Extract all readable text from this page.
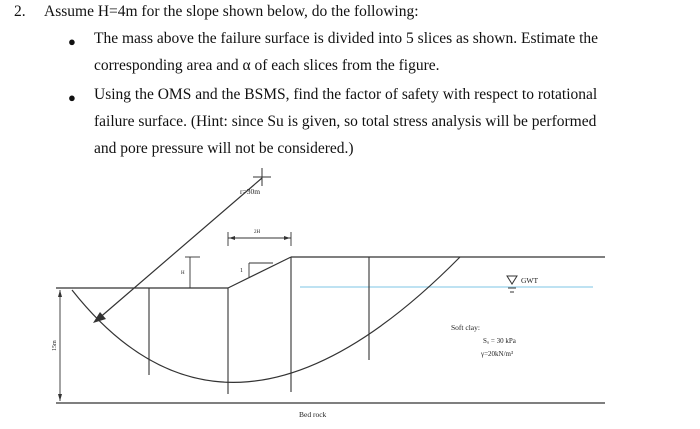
2. Assume H=4m for the slope shown below, do the following:
● The mass above the failure surface is divided into 5 slices as shown. Estimate the
corresponding area and α of each slices from the figure.
● Using the OMS and the BSMS, find the factor of safety with respect to rotational
failure surface. (Hint: since Su is given, so total stress analysis will be performed
and pore pressure will not be considered.)
r=30m
2H
H	1
15m
GWT
Soft clay:
Sᵤ = 30 kPa
γ=20kN/m³
Bed rock
